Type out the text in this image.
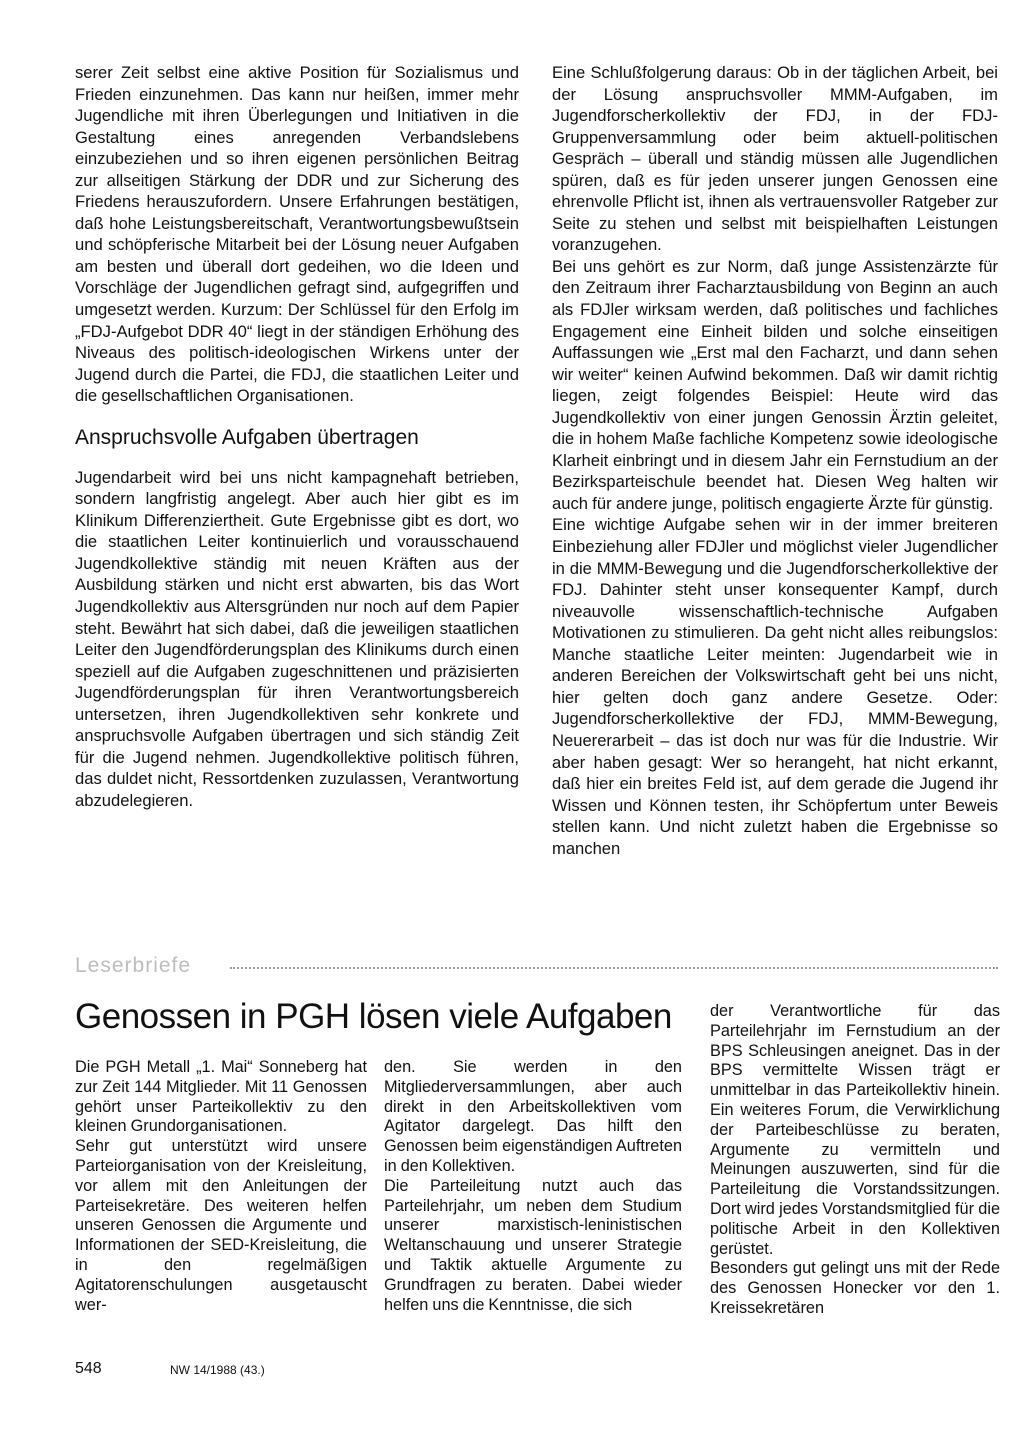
serer Zeit selbst eine aktive Position für Sozialismus und Frieden einzunehmen. Das kann nur heißen, immer mehr Jugendliche mit ihren Überlegungen und Initiativen in die Gestaltung eines anregenden Verbandslebens einzubeziehen und so ihren eigenen persönlichen Beitrag zur allseitigen Stärkung der DDR und zur Sicherung des Friedens herauszufordern. Unsere Erfahrungen bestätigen, daß hohe Leistungsbereitschaft, Verantwortungsbewußtsein und schöpferische Mitarbeit bei der Lösung neuer Aufgaben am besten und überall dort gedeihen, wo die Ideen und Vorschläge der Jugendlichen gefragt sind, aufgegriffen und umgesetzt werden. Kurzum: Der Schlüssel für den Erfolg im „FDJ-Aufgebot DDR 40“ liegt in der ständigen Erhöhung des Niveaus des politisch-ideologischen Wirkens unter der Jugend durch die Partei, die FDJ, die staatlichen Leiter und die gesellschaftlichen Organisationen.

Anspruchsvolle Aufgaben übertragen

Jugendarbeit wird bei uns nicht kampagnehaft betrieben, sondern langfristig angelegt. Aber auch hier gibt es im Klinikum Differenziertheit. Gute Ergebnisse gibt es dort, wo die staatlichen Leiter kontinuierlich und vorausschauend Jugendkollektive ständig mit neuen Kräften aus der Ausbildung stärken und nicht erst abwarten, bis das Wort Jugendkollektiv aus Altersgründen nur noch auf dem Papier steht. Bewährt hat sich dabei, daß die jeweiligen staatlichen Leiter den Jugendförderungsplan des Klinikums durch einen speziell auf die Aufgaben zugeschnittenen und präzisierten Jugendförderungsplan für ihren Verantwortungsbereich untersetzen, ihren Jugendkollektiven sehr konkrete und anspruchsvolle Aufgaben übertragen und sich ständig Zeit für die Jugend nehmen. Jugendkollektive politisch führen, das duldet nicht, Ressortdenken zuzulassen, Verantwortung abzudelegieren.

Eine Schlußfolgerung daraus: Ob in der täglichen Arbeit, bei der Lösung anspruchsvoller MMM-Aufgaben, im Jugendforscherkollektiv der FDJ, in der FDJ-Gruppenversammlung oder beim aktuell-politischen Gespräch – überall und ständig müssen alle Jugendlichen spüren, daß es für jeden unserer jungen Genossen eine ehrenvolle Pflicht ist, ihnen als vertrauensvoller Ratgeber zur Seite zu stehen und selbst mit beispielhaften Leistungen voranzugehen.

Bei uns gehört es zur Norm, daß junge Assistenzärzte für den Zeitraum ihrer Facharztausbildung von Beginn an auch als FDJler wirksam werden, daß politisches und fachliches Engagement eine Einheit bilden und solche einseitigen Auffassungen wie „Erst mal den Facharzt, und dann sehen wir weiter“ keinen Aufwind bekommen. Daß wir damit richtig liegen, zeigt folgendes Beispiel: Heute wird das Jugendkollektiv von einer jungen Genossin Ärztin geleitet, die in hohem Maße fachliche Kompetenz sowie ideologische Klarheit einbringt und in diesem Jahr ein Fernstudium an der Bezirksparteischule beendet hat. Diesen Weg halten wir auch für andere junge, politisch engagierte Ärzte für günstig.

Eine wichtige Aufgabe sehen wir in der immer breiteren Einbeziehung aller FDJler und möglichst vieler Jugendlicher in die MMM-Bewegung und die Jugendforscherkollektive der FDJ. Dahinter steht unser konsequenter Kampf, durch niveauvolle wissenschaftlich-technische Aufgaben Motivationen zu stimulieren. Da geht nicht alles reibungslos: Manche staatliche Leiter meinten: Jugendarbeit wie in anderen Bereichen der Volkswirtschaft geht bei uns nicht, hier gelten doch ganz andere Gesetze. Oder: Jugendforscherkollektive der FDJ, MMM-Bewegung, Neuererarbeit – das ist doch nur was für die Industrie. Wir aber haben gesagt: Wer so herangeht, hat nicht erkannt, daß hier ein breites Feld ist, auf dem gerade die Jugend ihr Wissen und Können testen, ihr Schöpfertum unter Beweis stellen kann. Und nicht zuletzt haben die Ergebnisse so manchen

Leserbriefe
Genossen in PGH lösen viele Aufgaben

Die PGH Metall „1. Mai“ Sonneberg hat zur Zeit 144 Mitglieder. Mit 11 Genossen gehört unser Parteikollektiv zu den kleinen Grundorganisationen.

Sehr gut unterstützt wird unsere Parteiorganisation von der Kreisleitung, vor allem mit den Anleitungen der Parteisekretäre. Des weiteren helfen unseren Genossen die Argumente und Informationen der SED-Kreisleitung, die in den regelmäßigen Agitatorenschulungen ausgetauscht wer-

den. Sie werden in den Mitgliederversammlungen, aber auch direkt in den Arbeitskollektiven vom Agitator dargelegt. Das hilft den Genossen beim eigenständigen Auftreten in den Kollektiven.

Die Parteileitung nutzt auch das Parteilehrjahr, um neben dem Studium unserer marxistisch-leninistischen Weltanschauung und unserer Strategie und Taktik aktuelle Argumente zu Grundfragen zu beraten. Dabei wieder helfen uns die Kenntnisse, die sich

der Verantwortliche für das Parteilehrjahr im Fernstudium an der BPS Schleusingen aneignet. Das in der BPS vermittelte Wissen trägt er unmittelbar in das Parteikollektiv hinein. Ein weiteres Forum, die Verwirklichung der Parteibeschlüsse zu beraten, Argumente zu vermitteln und Meinungen auszuwerten, sind für die Parteileitung die Vorstandssitzungen. Dort wird jedes Vorstandsmitglied für die politische Arbeit in den Kollektiven gerüstet.

Besonders gut gelingt uns mit der Rede des Genossen Honecker vor den 1. Kreissekretären

548	NW 14/1988 (43.)
